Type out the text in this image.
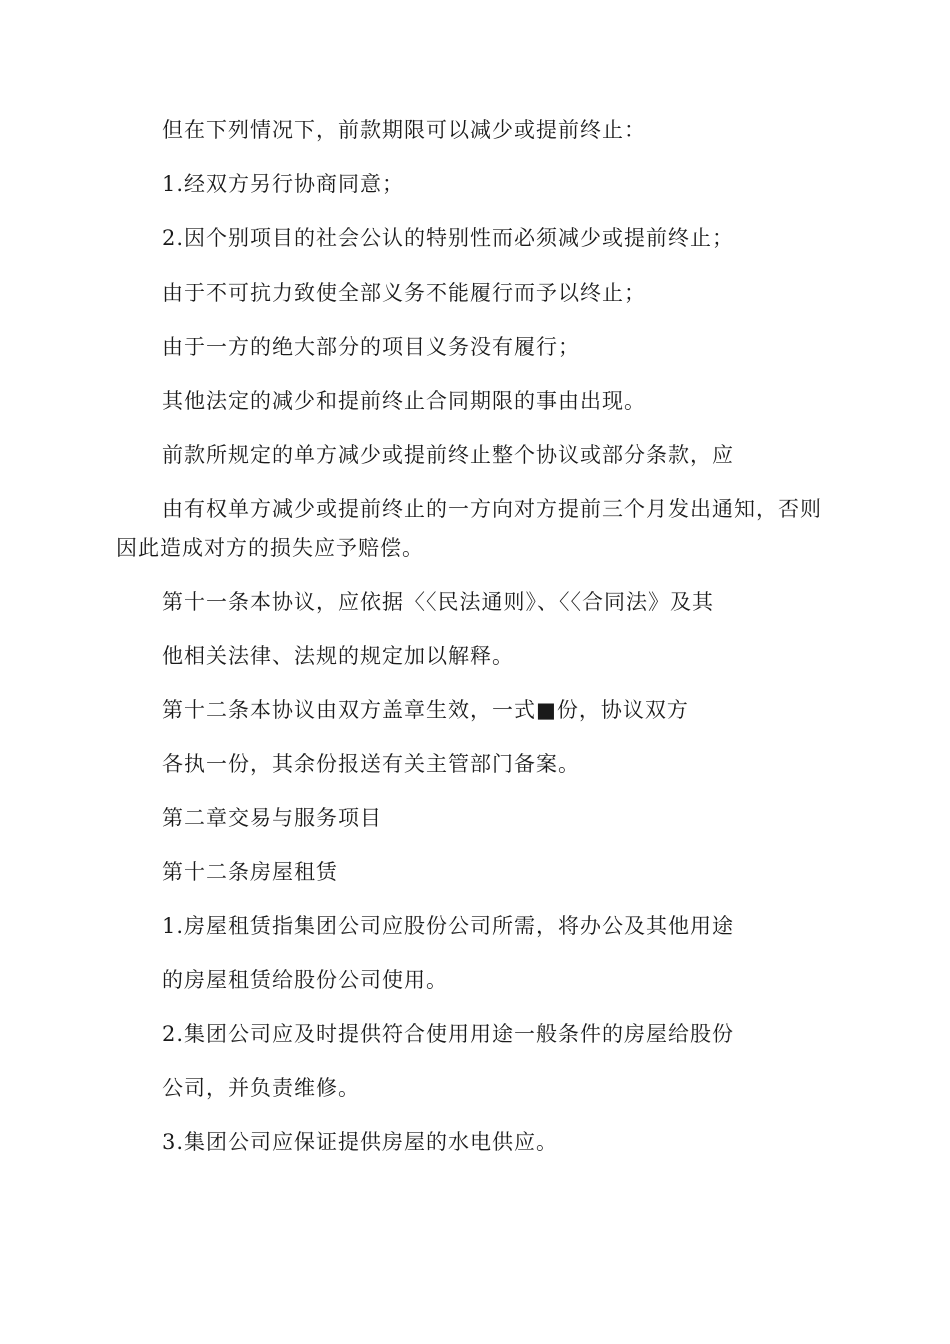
但在下列情况下，前款期限可以减少或提前终止：
1.经双方另行协商同意；
2.因个别项目的社会公认的特别性而必须减少或提前终止；
由于不可抗力致使全部义务不能履行而予以终止；
由于一方的绝大部分的项目义务没有履行；
其他法定的减少和提前终止合同期限的事由出现。
前款所规定的单方减少或提前终止整个协议或部分条款，应
由有权单方减少或提前终止的一方向对方提前三个月发出通知，否则
因此造成对方的损失应予赔偿。
第十一条本协议，应依据〈〈民法通则》、〈〈合同法》及其
他相关法律、法规的规定加以解释。
第十二条本协议由双方盖章生效，一式■份，协议双方
各执一份，其余份报送有关主管部门备案。
第二章交易与服务项目
第十二条房屋租赁
1.房屋租赁指集团公司应股份公司所需，将办公及其他用途
的房屋租赁给股份公司使用。
2.集团公司应及时提供符合使用用途一般条件的房屋给股份
公司，并负责维修。
3.集团公司应保证提供房屋的水电供应。
